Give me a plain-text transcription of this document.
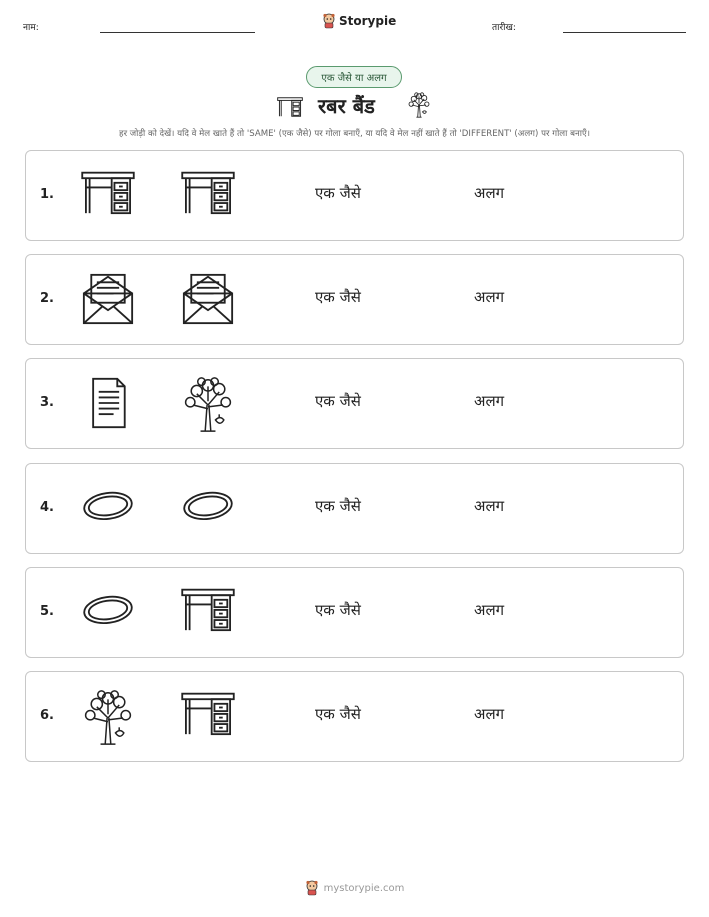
नाम:	Storypie	तारीख:
एक जैसे या अलग
रबर बैंड
हर जोड़ी को देखें। यदि वे मेल खाते हैं तो 'SAME' (एक जैसे) पर गोला बनाएँ, या यदि वे मेल नहीं खाते हैं तो 'DIFFERENT' (अलग) पर गोला बनाएँ।
1.	एक जैसे	अलग
2.	एक जैसे	अलग
3.	एक जैसे	अलग
4.	एक जैसे	अलग
5.	एक जैसे	अलग
6.	एक जैसे	अलग
mystorypie.com
